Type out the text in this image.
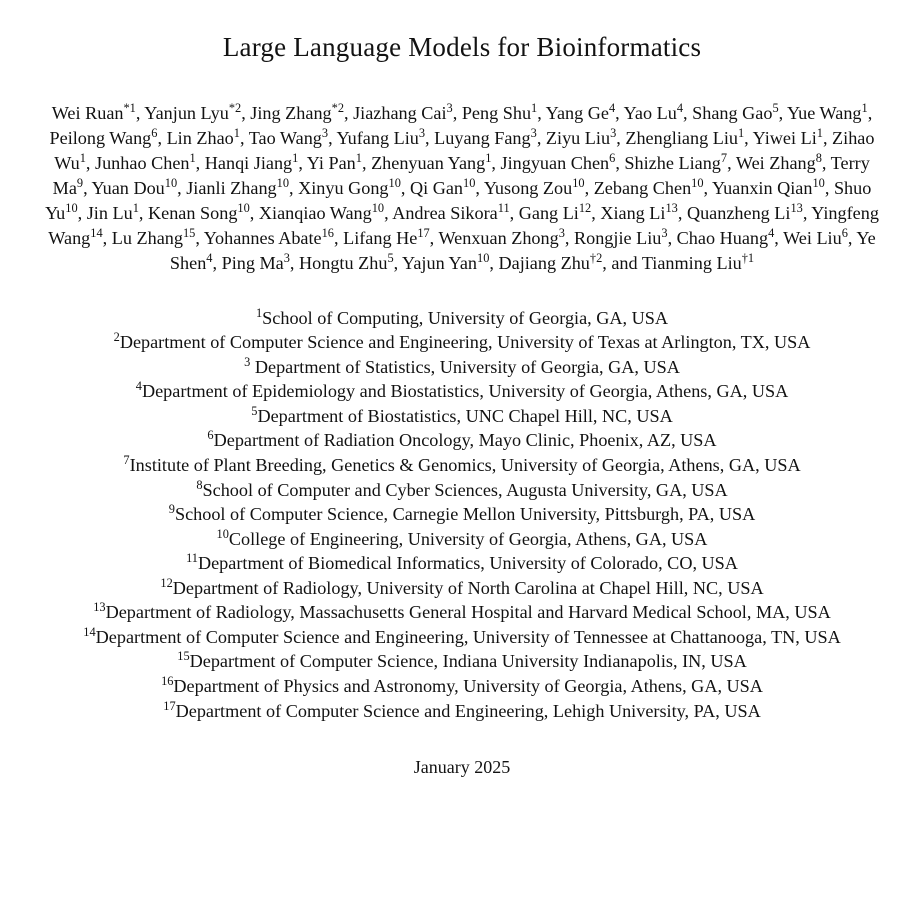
Large Language Models for Bioinformatics

Wei Ruan$^{*1}$, Yanjun Lyu$^{*2}$, Jing Zhang$^{*2}$, Jiazhang Cai$^3$, Peng Shu$^1$, Yang Ge$^4$, Yao Lu$^4$, Shang Gao$^5$, Yue Wang$^1$, Peilong Wang$^6$, Lin Zhao$^1$, Tao Wang$^3$, Yufang Liu$^3$, Luyang Fang$^3$, Ziyu Liu$^3$, Zhengliang Liu$^1$, Yiwei Li$^1$, Zihao Wu$^1$, Junhao Chen$^1$, Hanqi Jiang$^1$, Yi Pan$^1$, Zhenyuan Yang$^1$, Jingyuan Chen$^6$, Shizhe Liang$^7$, Wei Zhang$^8$, Terry Ma$^9$, Yuan Dou$^{10}$, Jianli Zhang$^{10}$, Xinyu Gong$^{10}$, Qi Gan$^{10}$, Yusong Zou$^{10}$, Zebang Chen$^{10}$, Yuanxin Qian$^{10}$, Shuo Yu$^{10}$, Jin Lu$^1$, Kenan Song$^{10}$, Xianqiao Wang$^{10}$, Andrea Sikora$^{11}$, Gang Li$^{12}$, Xiang Li$^{13}$, Quanzheng Li$^{13}$, Yingfeng Wang$^{14}$, Lu Zhang$^{15}$, Yohannes Abate$^{16}$, Lifang He$^{17}$, Wenxuan Zhong$^3$, Rongjie Liu$^3$, Chao Huang$^4$, Wei Liu$^6$, Ye Shen$^4$, Ping Ma$^3$, Hongtu Zhu$^5$, Yajun Yan$^{10}$, Dajiang Zhu$^{\dagger 2}$, and Tianming Liu$^{\dagger 1}$

$^1$School of Computing, University of Georgia, GA, USA
$^2$Department of Computer Science and Engineering, University of Texas at Arlington, TX, USA
$^3$ Department of Statistics, University of Georgia, GA, USA
$^4$Department of Epidemiology and Biostatistics, University of Georgia, Athens, GA, USA
$^5$Department of Biostatistics, UNC Chapel Hill, NC, USA
$^6$Department of Radiation Oncology, Mayo Clinic, Phoenix, AZ, USA
$^7$Institute of Plant Breeding, Genetics & Genomics, University of Georgia, Athens, GA, USA
$^8$School of Computer and Cyber Sciences, Augusta University, GA, USA
$^9$School of Computer Science, Carnegie Mellon University, Pittsburgh, PA, USA
$^{10}$College of Engineering, University of Georgia, Athens, GA, USA
$^{11}$Department of Biomedical Informatics, University of Colorado, CO, USA
$^{12}$Department of Radiology, University of North Carolina at Chapel Hill, NC, USA
$^{13}$Department of Radiology, Massachusetts General Hospital and Harvard Medical School, MA, USA
$^{14}$Department of Computer Science and Engineering, University of Tennessee at Chattanooga, TN, USA
$^{15}$Department of Computer Science, Indiana University Indianapolis, IN, USA
$^{16}$Department of Physics and Astronomy, University of Georgia, Athens, GA, USA
$^{17}$Department of Computer Science and Engineering, Lehigh University, PA, USA

January 2025
